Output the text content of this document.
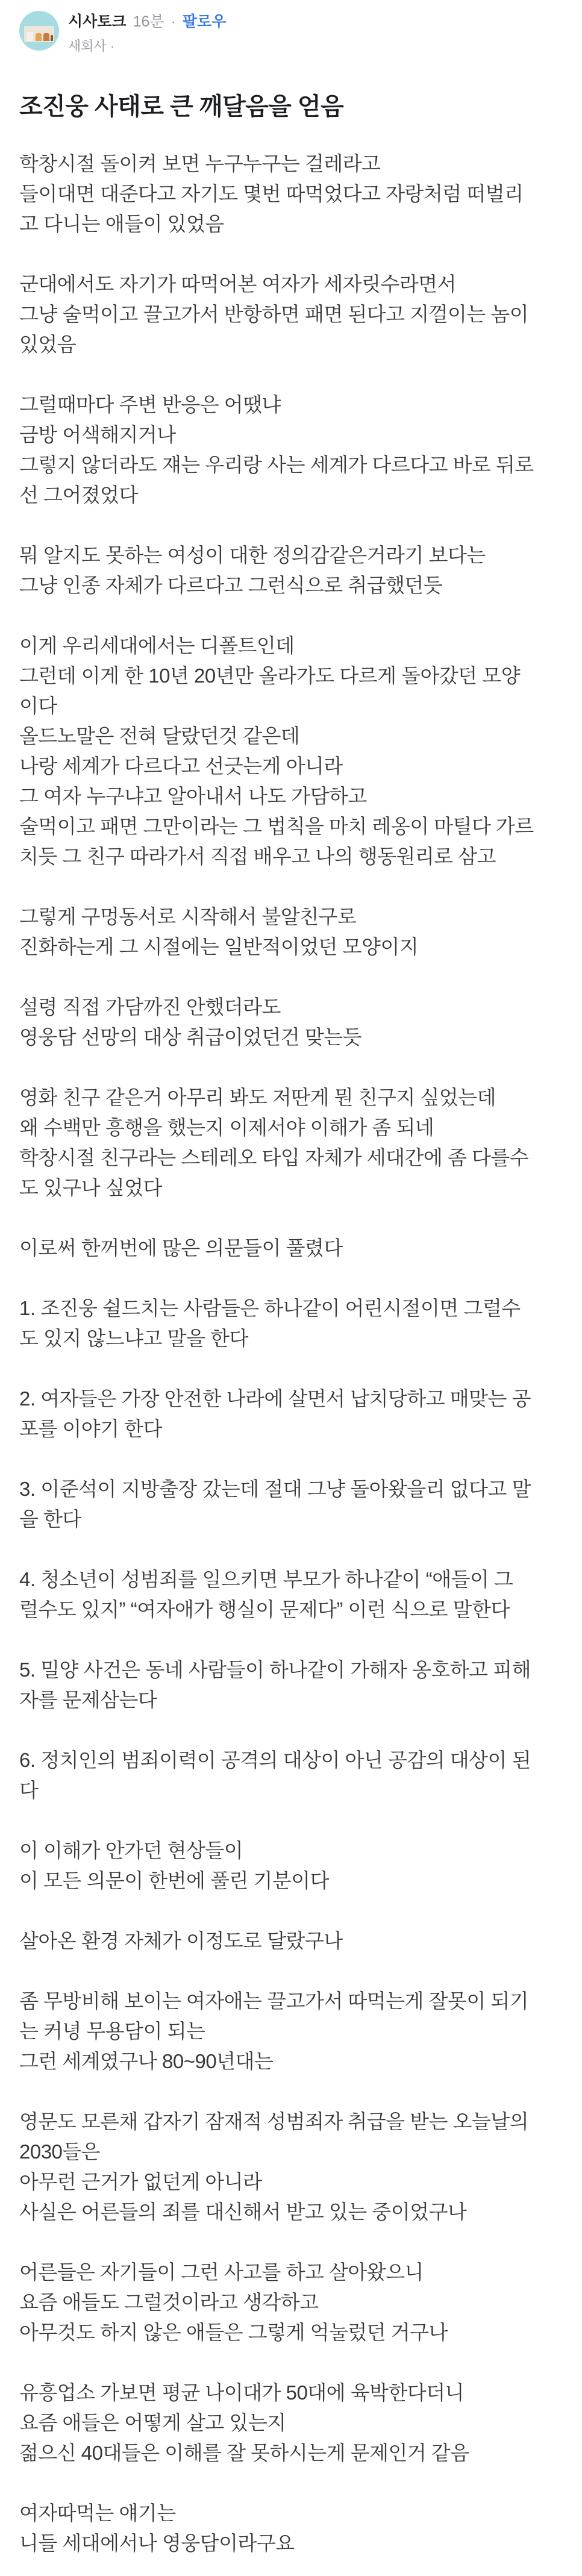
시사토크 16분 · 팔로우
새회사 ·
조진웅 사태로 큰 깨달음을 얻음
학창시절 돌이켜 보면 누구누구는 걸레라고
들이대면 대준다고 자기도 몇번 따먹었다고 자랑처럼 떠벌리
고 다니는 애들이 있었음
군대에서도 자기가 따먹어본 여자가 세자릿수라면서
그냥 술먹이고 끌고가서 반항하면 패면 된다고 지껄이는 놈이
있었음
그럴때마다 주변 반응은 어땠냐
금방 어색해지거나
그렇지 않더라도 쟤는 우리랑 사는 세계가 다르다고 바로 뒤로
선 그어졌었다
뭐 알지도 못하는 여성이 대한 정의감같은거라기 보다는
그냥 인종 자체가 다르다고 그런식으로 취급했던듯
이게 우리세대에서는 디폴트인데
그런데 이게 한 10년 20년만 올라가도 다르게 돌아갔던 모양
이다
올드노말은 전혀 달랐던것 같은데
나랑 세계가 다르다고 선긋는게 아니라
그 여자 누구냐고 알아내서 나도 가담하고
술먹이고 패면 그만이라는 그 법칙을 마치 레옹이 마틸다 가르
치듯 그 친구 따라가서 직접 배우고 나의 행동원리로 삼고
그렇게 구멍동서로 시작해서 불알친구로
진화하는게 그 시절에는 일반적이었던 모양이지
설령 직접 가담까진 안했더라도
영웅담 선망의 대상 취급이었던건 맞는듯
영화 친구 같은거 아무리 봐도 저딴게 뭔 친구지 싶었는데
왜 수백만 흥행을 했는지 이제서야 이해가 좀 되네
학창시절 친구라는 스테레오 타입 자체가 세대간에 좀 다를수
도 있구나 싶었다
이로써 한꺼번에 많은 의문들이 풀렸다
1. 조진웅 쉴드치는 사람들은 하나같이 어린시절이면 그럴수
도 있지 않느냐고 말을 한다
2. 여자들은 가장 안전한 나라에 살면서 납치당하고 매맞는 공
포를 이야기 한다
3. 이준석이 지방출장 갔는데 절대 그냥 돌아왔을리 없다고 말
을 한다
4. 청소년이 성범죄를 일으키면 부모가 하나같이 “애들이 그
럴수도 있지” “여자애가 행실이 문제다” 이런 식으로 말한다
5. 밀양 사건은 동네 사람들이 하나같이 가해자 옹호하고 피해
자를 문제삼는다
6. 정치인의 범죄이력이 공격의 대상이 아닌 공감의 대상이 된
다
이 이해가 안가던 현상들이
이 모든 의문이 한번에 풀린 기분이다
살아온 환경 자체가 이정도로 달랐구나
좀 무방비해 보이는 여자애는 끌고가서 따먹는게 잘못이 되기
는 커녕 무용담이 되는
그런 세계였구나 80~90년대는
영문도 모른채 갑자기 잠재적 성범죄자 취급을 받는 오늘날의
2030들은
아무런 근거가 없던게 아니라
사실은 어른들의 죄를 대신해서 받고 있는 중이었구나
어른들은 자기들이 그런 사고를 하고 살아왔으니
요즘 애들도 그럴것이라고 생각하고
아무것도 하지 않은 애들은 그렇게 억눌렀던 거구나
유흥업소 가보면 평균 나이대가 50대에 육박한다더니
요즘 애들은 어떻게 살고 있는지
젊으신 40대들은 이해를 잘 못하시는게 문제인거 같음
여자따먹는 얘기는
니들 세대에서나 영웅담이라구요
